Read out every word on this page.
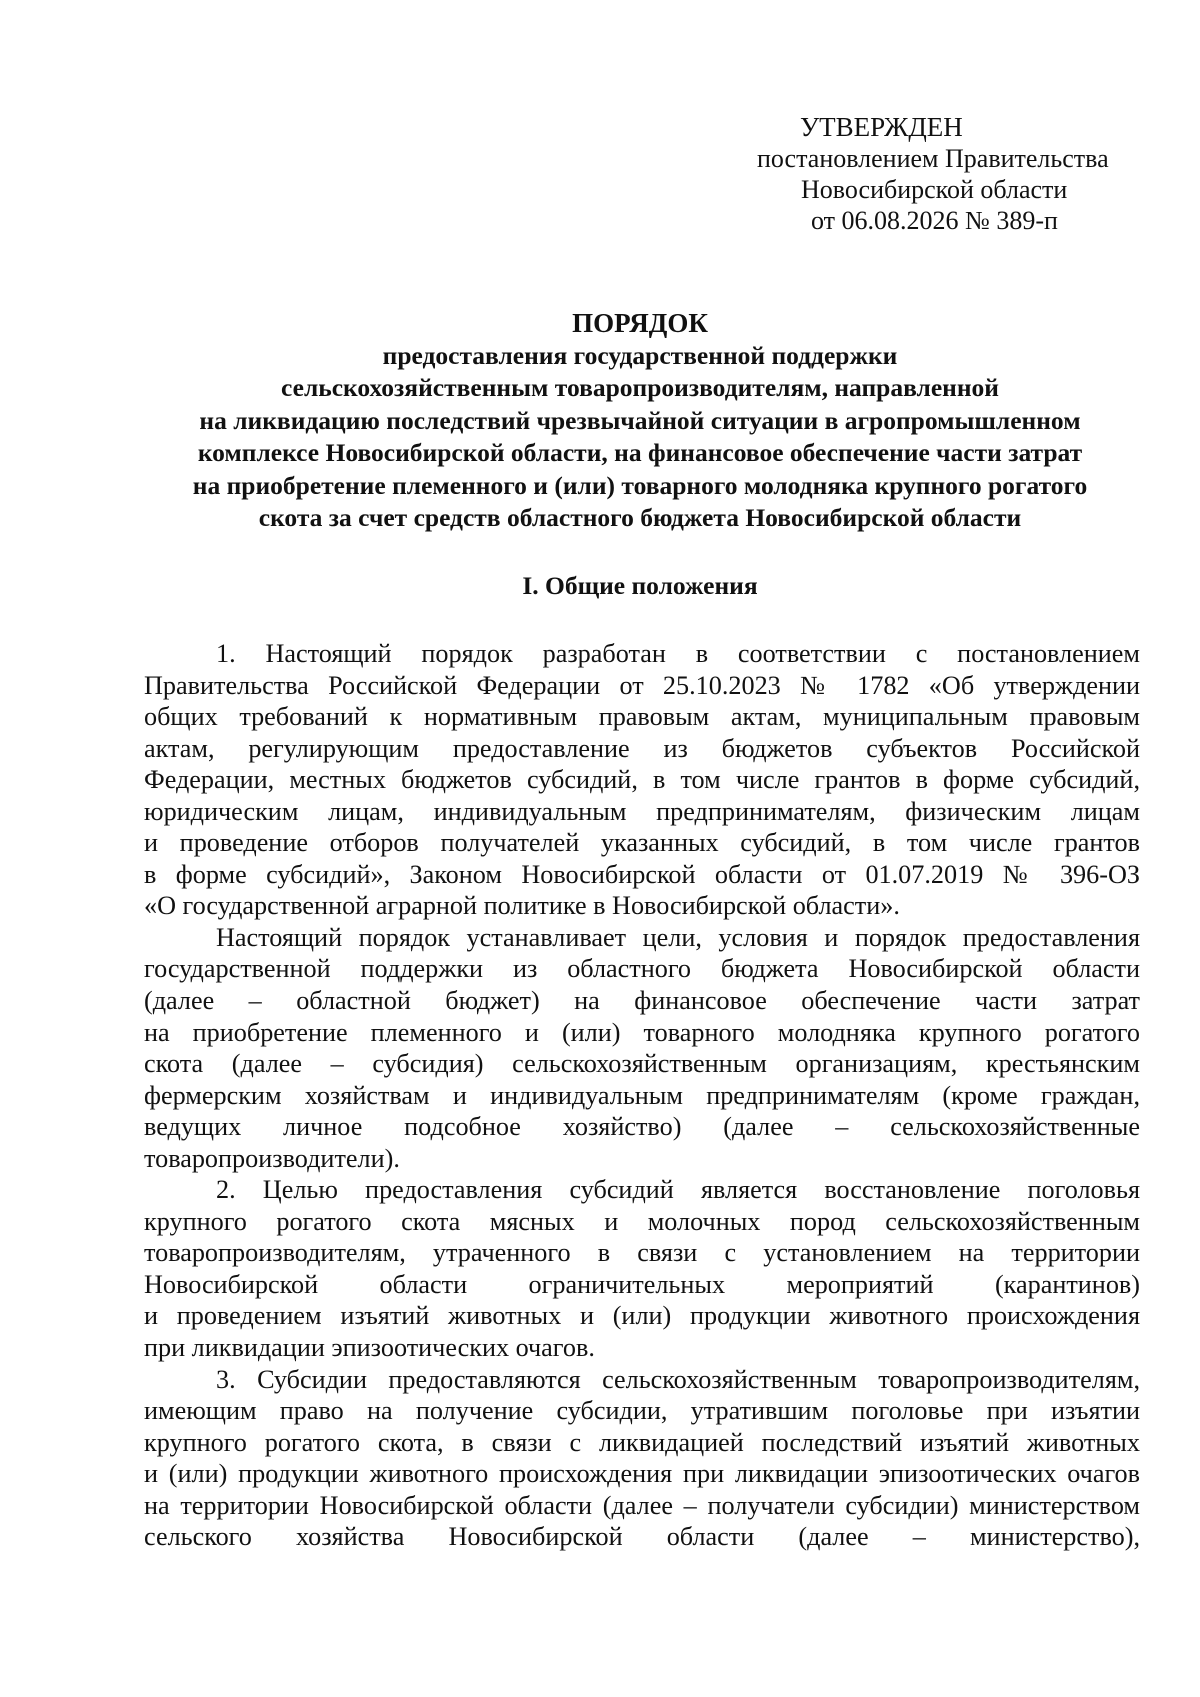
УТВЕРЖДЕН
постановлением Правительства
Новосибирской области
от 06.08.2026 № 389-п
ПОРЯДОК
предоставления государственной поддержки
сельскохозяйственным товаропроизводителям, направленной
на ликвидацию последствий чрезвычайной ситуации в агропромышленном
комплексе Новосибирской области, на финансовое обеспечение части затрат
на приобретение племенного и (или) товарного молодняка крупного рогатого
скота за счет средств областного бюджета Новосибирской области
I. Общие положения
1. Настоящий порядок разработан в соответствии с постановлением
Правительства Российской Федерации от 25.10.2023 № 1782 «Об утверждении
общих требований к нормативным правовым актам, муниципальным правовым
актам, регулирующим предоставление из бюджетов субъектов Российской
Федерации, местных бюджетов субсидий, в том числе грантов в форме субсидий,
юридическим лицам, индивидуальным предпринимателям, физическим лицам
и проведение отборов получателей указанных субсидий, в том числе грантов
в форме субсидий», Законом Новосибирской области от 01.07.2019 № 396-ОЗ
«О государственной аграрной политике в Новосибирской области».
Настоящий порядок устанавливает цели, условия и порядок предоставления
государственной поддержки из областного бюджета Новосибирской области
(далее – областной бюджет) на финансовое обеспечение части затрат
на приобретение племенного и (или) товарного молодняка крупного рогатого
скота (далее – субсидия) сельскохозяйственным организациям, крестьянским
фермерским хозяйствам и индивидуальным предпринимателям (кроме граждан,
ведущих личное подсобное хозяйство) (далее – сельскохозяйственные
товаропроизводители).
2. Целью предоставления субсидий является восстановление поголовья
крупного рогатого скота мясных и молочных пород сельскохозяйственным
товаропроизводителям, утраченного в связи с установлением на территории
Новосибирской области ограничительных мероприятий (карантинов)
и проведением изъятий животных и (или) продукции животного происхождения
при ликвидации эпизоотических очагов.
3. Субсидии предоставляются сельскохозяйственным товаропроизводителям,
имеющим право на получение субсидии, утратившим поголовье при изъятии
крупного рогатого скота, в связи с ликвидацией последствий изъятий животных
и (или) продукции животного происхождения при ликвидации эпизоотических очагов
на территории Новосибирской области (далее – получатели субсидии) министерством
сельского хозяйства Новосибирской области (далее – министерство),
